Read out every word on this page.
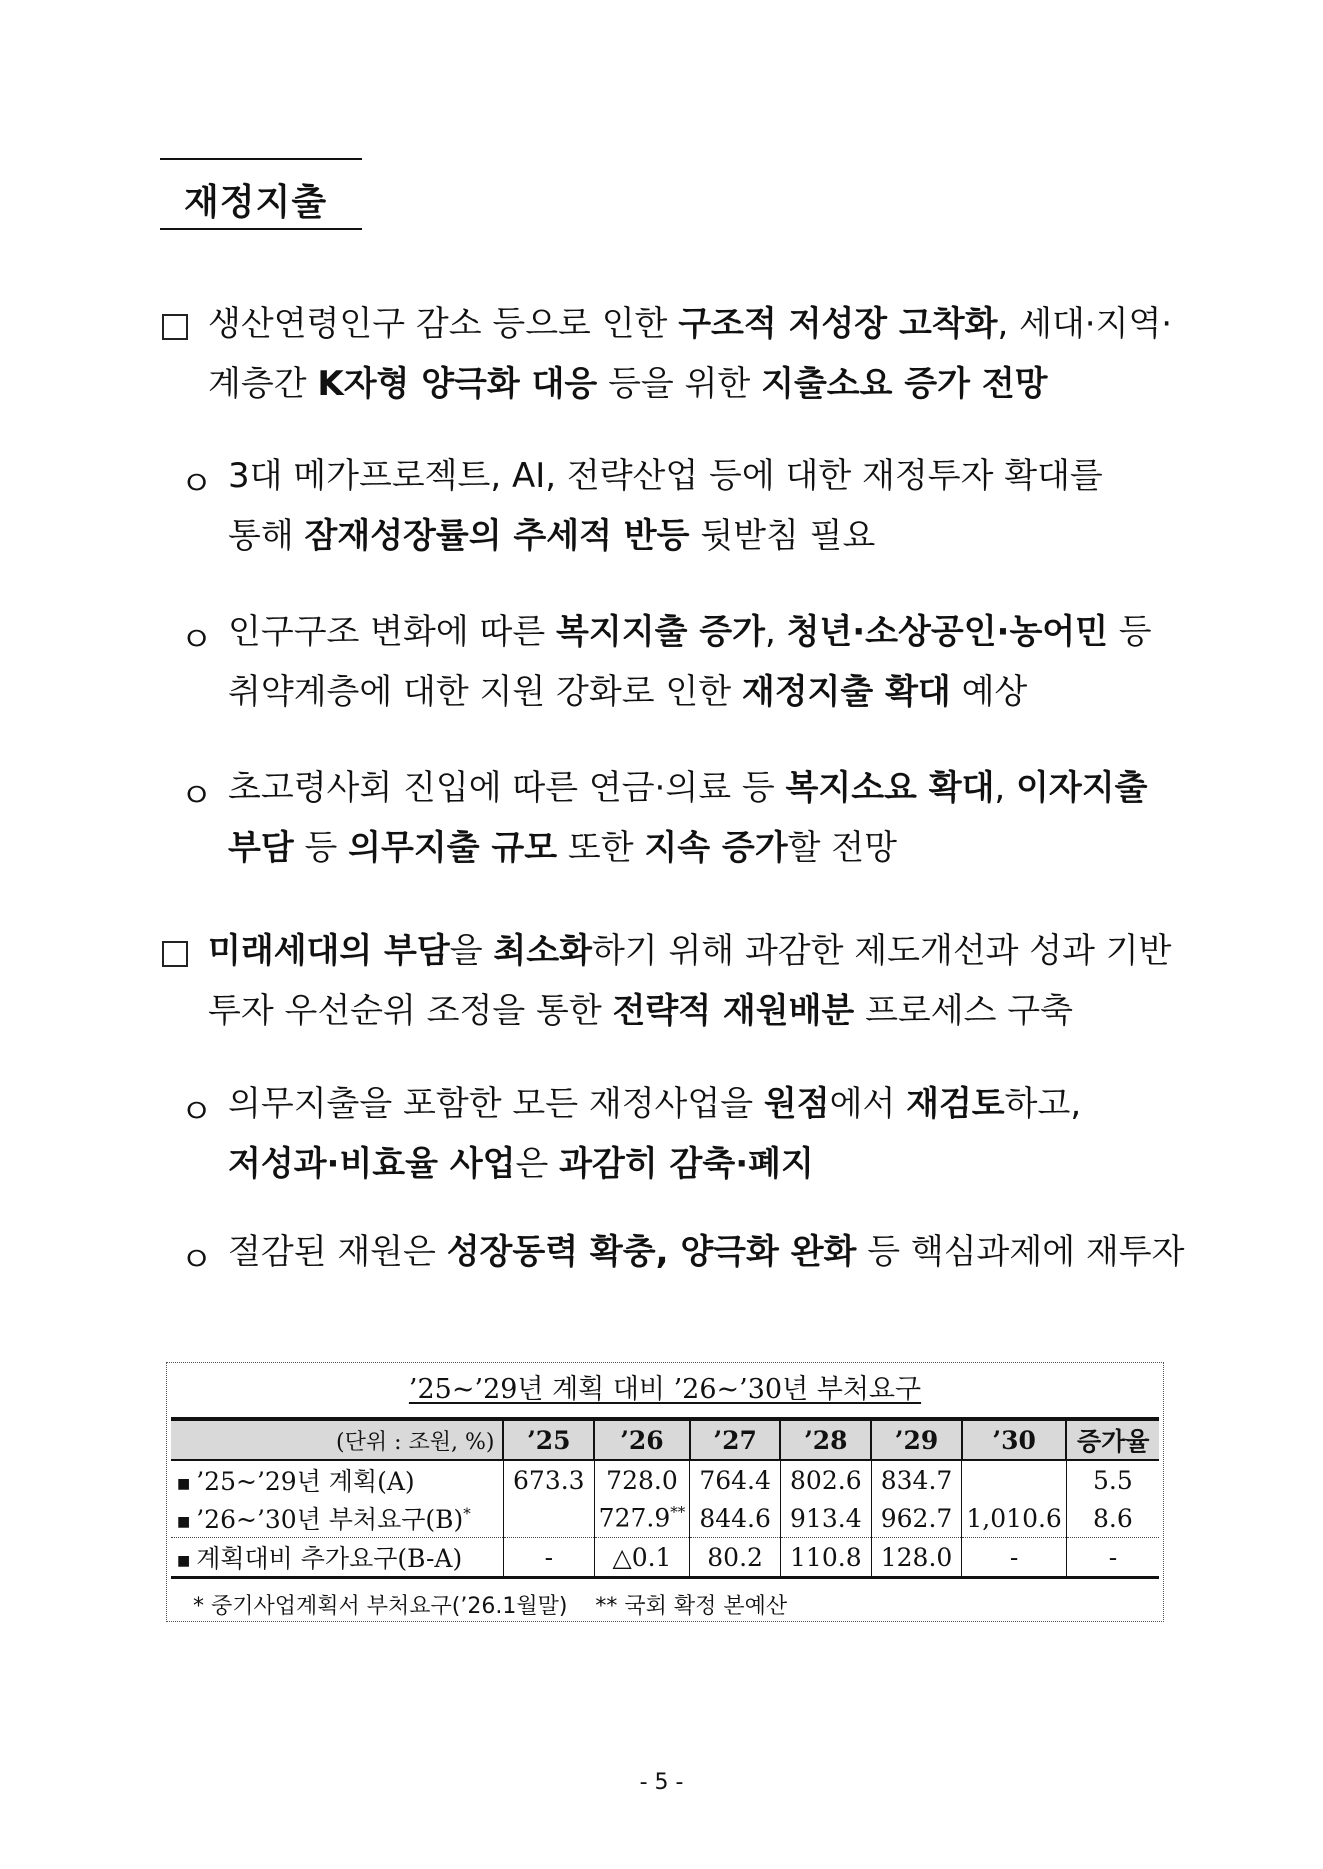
재정지출
생산연령인구 감소 등으로 인한 구조적 저성장 고착화, 세대·지역·
계층간 K자형 양극화 대응 등을 위한 지출소요 증가 전망
ㅇ 3대 메가프로젝트, AI, 전략산업 등에 대한 재정투자 확대를
통해 잠재성장률의 추세적 반등 뒷받침 필요
ㅇ 인구구조 변화에 따른 복지지출 증가, 청년·소상공인·농어민 등
취약계층에 대한 지원 강화로 인한 재정지출 확대 예상
ㅇ 초고령사회 진입에 따른 연금·의료 등 복지소요 확대, 이자지출
부담 등 의무지출 규모 또한 지속 증가할 전망
미래세대의 부담을 최소화하기 위해 과감한 제도개선과 성과 기반
투자 우선순위 조정을 통한 전략적 재원배분 프로세스 구축
ㅇ 의무지출을 포함한 모든 재정사업을 원점에서 재검토하고,
저성과·비효율 사업은 과감히 감축·폐지
ㅇ 절감된 재원은 성장동력 확충, 양극화 완화 등 핵심과제에 재투자
’25~’29년 계획 대비 ’26~’30년 부처요구
(단위 : 조원, %)	’25	’26	’27	’28	’29	’30	증가율
■ ’25~’29년 계획(A)	673.3	728.0	764.4	802.6	834.7		5.5
■ ’26~’30년 부처요구(B)*		727.9**	844.6	913.4	962.7	1,010.6	8.6
■ 계획대비 추가요구(B-A)	-	△0.1	80.2	110.8	128.0	-	-
* 중기사업계획서 부처요구(’26.1월말)    ** 국회 확정 본예산
- 5 -
